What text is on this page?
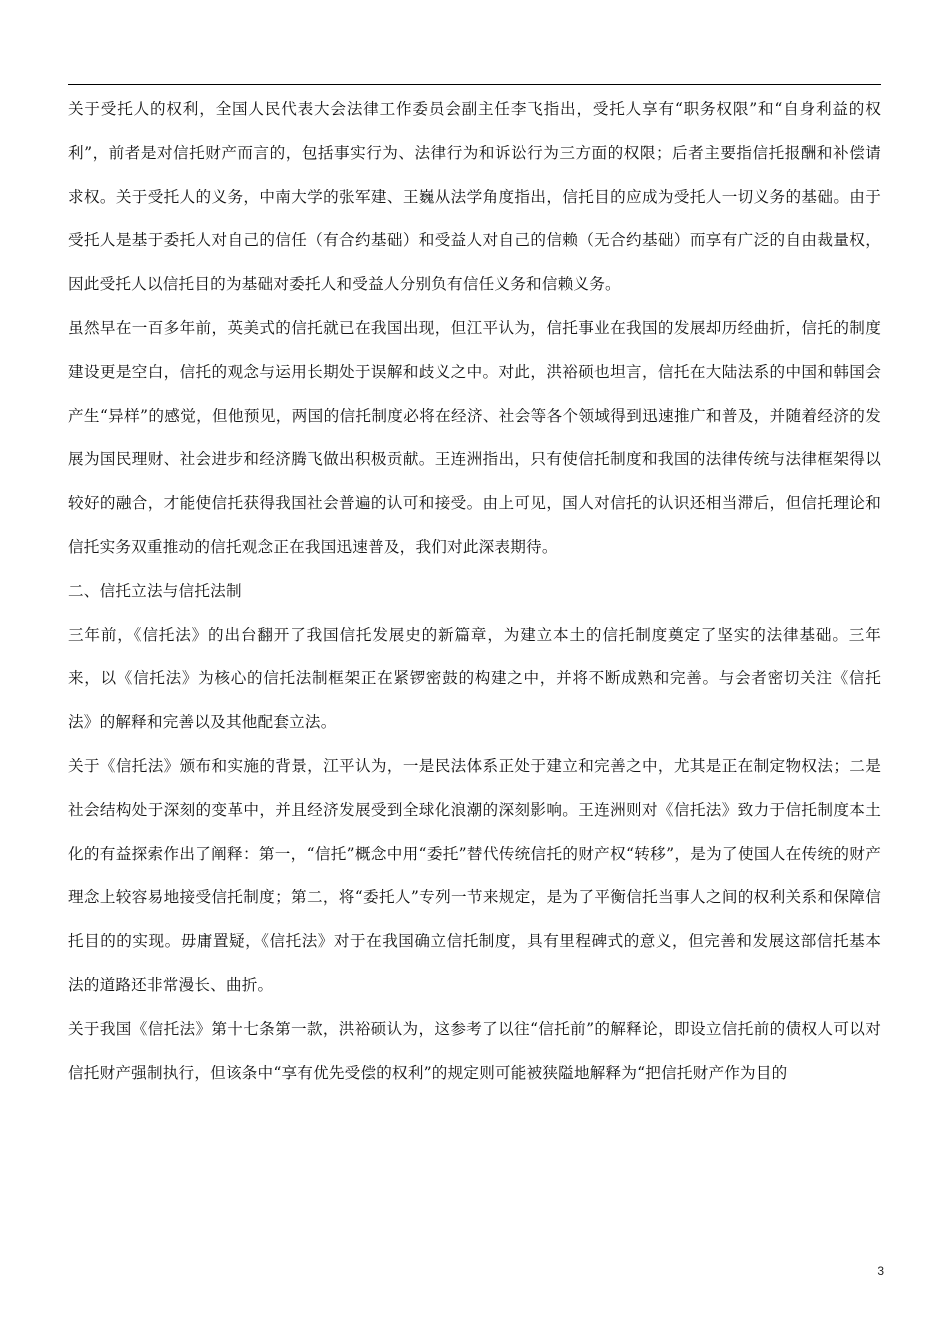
关于受托人的权利，全国人民代表大会法律工作委员会副主任李飞指出，受托人享有“职务权限”和“自身利益的权利”，前者是对信托财产而言的，包括事实行为、法律行为和诉讼行为三方面的权限；后者主要指信托报酬和补偿请求权。关于受托人的义务，中南大学的张军建、王巍从法学角度指出，信托目的应成为受托人一切义务的基础。由于受托人是基于委托人对自己的信任（有合约基础）和受益人对自己的信赖（无合约基础）而享有广泛的自由裁量权，因此受托人以信托目的为基础对委托人和受益人分别负有信任义务和信赖义务。

虽然早在一百多年前，英美式的信托就已在我国出现，但江平认为，信托事业在我国的发展却历经曲折，信托的制度建设更是空白，信托的观念与运用长期处于误解和歧义之中。对此，洪裕硕也坦言，信托在大陆法系的中国和韩国会产生“异样”的感觉，但他预见，两国的信托制度必将在经济、社会等各个领域得到迅速推广和普及，并随着经济的发展为国民理财、社会进步和经济腾飞做出积极贡献。王连洲指出，只有使信托制度和我国的法律传统与法律框架得以较好的融合，才能使信托获得我国社会普遍的认可和接受。由上可见，国人对信托的认识还相当滞后，但信托理论和信托实务双重推动的信托观念正在我国迅速普及，我们对此深表期待。

二、信托立法与信托法制

三年前，《信托法》的出台翻开了我国信托发展史的新篇章，为建立本土的信托制度奠定了坚实的法律基础。三年来，以《信托法》为核心的信托法制框架正在紧锣密鼓的构建之中，并将不断成熟和完善。与会者密切关注《信托法》的解释和完善以及其他配套立法。

关于《信托法》颁布和实施的背景，江平认为，一是民法体系正处于建立和完善之中，尤其是正在制定物权法；二是社会结构处于深刻的变革中，并且经济发展受到全球化浪潮的深刻影响。王连洲则对《信托法》致力于信托制度本土化的有益探索作出了阐释：第一，“信托”概念中用“委托”替代传统信托的财产权“转移”，是为了使国人在传统的财产理念上较容易地接受信托制度；第二，将“委托人”专列一节来规定，是为了平衡信托当事人之间的权利关系和保障信托目的的实现。毋庸置疑，《信托法》对于在我国确立信托制度，具有里程碑式的意义，但完善和发展这部信托基本法的道路还非常漫长、曲折。

关于我国《信托法》第十七条第一款，洪裕硕认为，这参考了以往“信托前”的解释论，即设立信托前的债权人可以对信托财产强制执行，但该条中“享有优先受偿的权利”的规定则可能被狭隘地解释为“把信托财产作为目的

3
